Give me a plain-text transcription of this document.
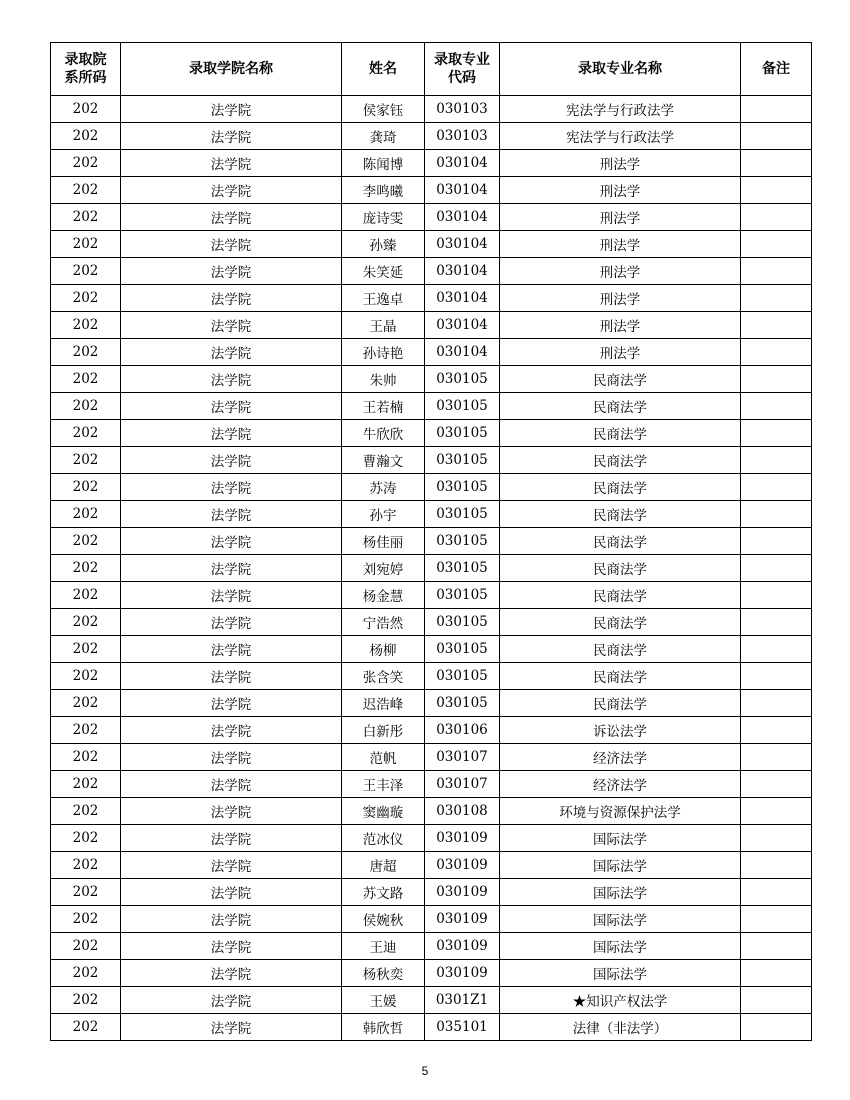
录取院系所码	录取学院名称	姓名	录取专业代码	录取专业名称	备注
202	法学院	侯家钰	030103	宪法学与行政法学	
202	法学院	龚琦	030103	宪法学与行政法学	
202	法学院	陈闻博	030104	刑法学	
202	法学院	李鸣曦	030104	刑法学	
202	法学院	庞诗雯	030104	刑法学	
202	法学院	孙臻	030104	刑法学	
202	法学院	朱笑延	030104	刑法学	
202	法学院	王逸卓	030104	刑法学	
202	法学院	王晶	030104	刑法学	
202	法学院	孙诗艳	030104	刑法学	
202	法学院	朱帅	030105	民商法学	
202	法学院	王若楠	030105	民商法学	
202	法学院	牛欣欣	030105	民商法学	
202	法学院	曹瀚文	030105	民商法学	
202	法学院	苏涛	030105	民商法学	
202	法学院	孙宇	030105	民商法学	
202	法学院	杨佳丽	030105	民商法学	
202	法学院	刘宛婷	030105	民商法学	
202	法学院	杨金慧	030105	民商法学	
202	法学院	宁浩然	030105	民商法学	
202	法学院	杨柳	030105	民商法学	
202	法学院	张含笑	030105	民商法学	
202	法学院	迟浩峰	030105	民商法学	
202	法学院	白新彤	030106	诉讼法学	
202	法学院	范帆	030107	经济法学	
202	法学院	王丰泽	030107	经济法学	
202	法学院	窦幽璇	030108	环境与资源保护法学	
202	法学院	范冰仪	030109	国际法学	
202	法学院	唐超	030109	国际法学	
202	法学院	苏文路	030109	国际法学	
202	法学院	侯婉秋	030109	国际法学	
202	法学院	王迪	030109	国际法学	
202	法学院	杨秋奕	030109	国际法学	
202	法学院	王媛	0301Z1	★知识产权法学	
202	法学院	韩欣哲	035101	法律（非法学）	
5
